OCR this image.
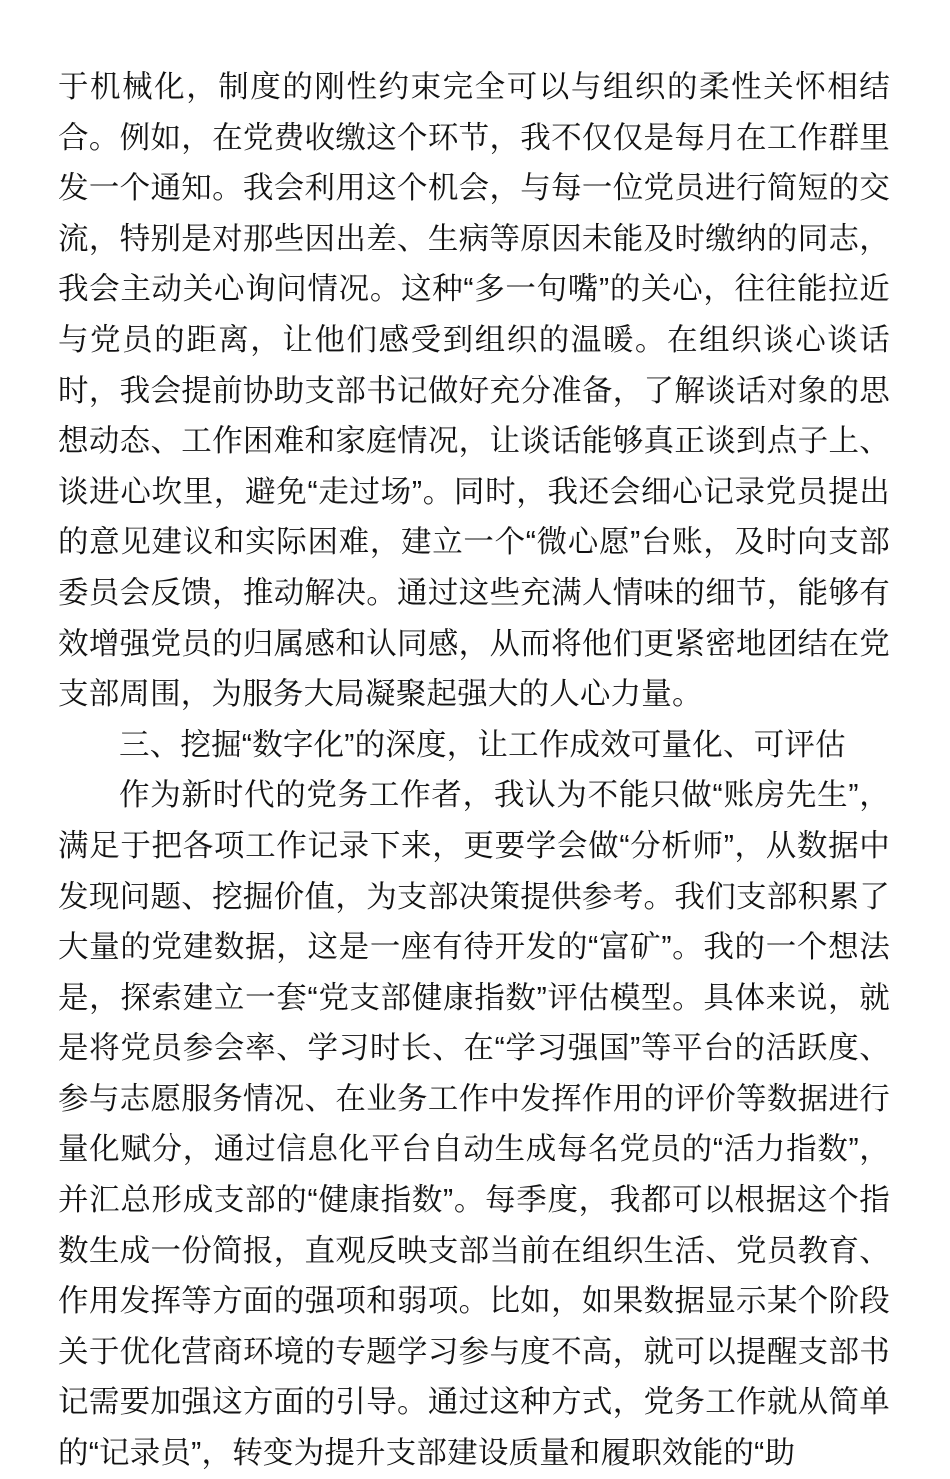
于机械化，制度的刚性约束完全可以与组织的柔性关怀相结合。例如，在党费收缴这个环节，我不仅仅是每月在工作群里发一个通知。我会利用这个机会，与每一位党员进行简短的交流，特别是对那些因出差、生病等原因未能及时缴纳的同志，我会主动关心询问情况。这种“多一句嘴”的关心，往往能拉近与党员的距离，让他们感受到组织的温暖。在组织谈心谈话时，我会提前协助支部书记做好充分准备，了解谈话对象的思想动态、工作困难和家庭情况，让谈话能够真正谈到点子上、谈进心坎里，避免“走过场”。同时，我还会细心记录党员提出的意见建议和实际困难，建立一个“微心愿”台账，及时向支部委员会反馈，推动解决。通过这些充满人情味的细节，能够有效增强党员的归属感和认同感，从而将他们更紧密地团结在党支部周围，为服务大局凝聚起强大的人心力量。

三、挖掘“数字化”的深度，让工作成效可量化、可评估

作为新时代的党务工作者，我认为不能只做“账房先生”，满足于把各项工作记录下来，更要学会做“分析师”，从数据中发现问题、挖掘价值，为支部决策提供参考。我们支部积累了大量的党建数据，这是一座有待开发的“富矿”。我的一个想法是，探索建立一套“党支部健康指数”评估模型。具体来说，就是将党员参会率、学习时长、在“学习强国”等平台的活跃度、参与志愿服务情况、在业务工作中发挥作用的评价等数据进行量化赋分，通过信息化平台自动生成每名党员的“活力指数”，并汇总形成支部的“健康指数”。每季度，我都可以根据这个指数生成一份简报，直观反映支部当前在组织生活、党员教育、作用发挥等方面的强项和弱项。比如，如果数据显示某个阶段关于优化营商环境的专题学习参与度不高，就可以提醒支部书记需要加强这方面的引导。通过这种方式，党务工作就从简单的“记录员”，转变为提升支部建设质量和履职效能的“助
